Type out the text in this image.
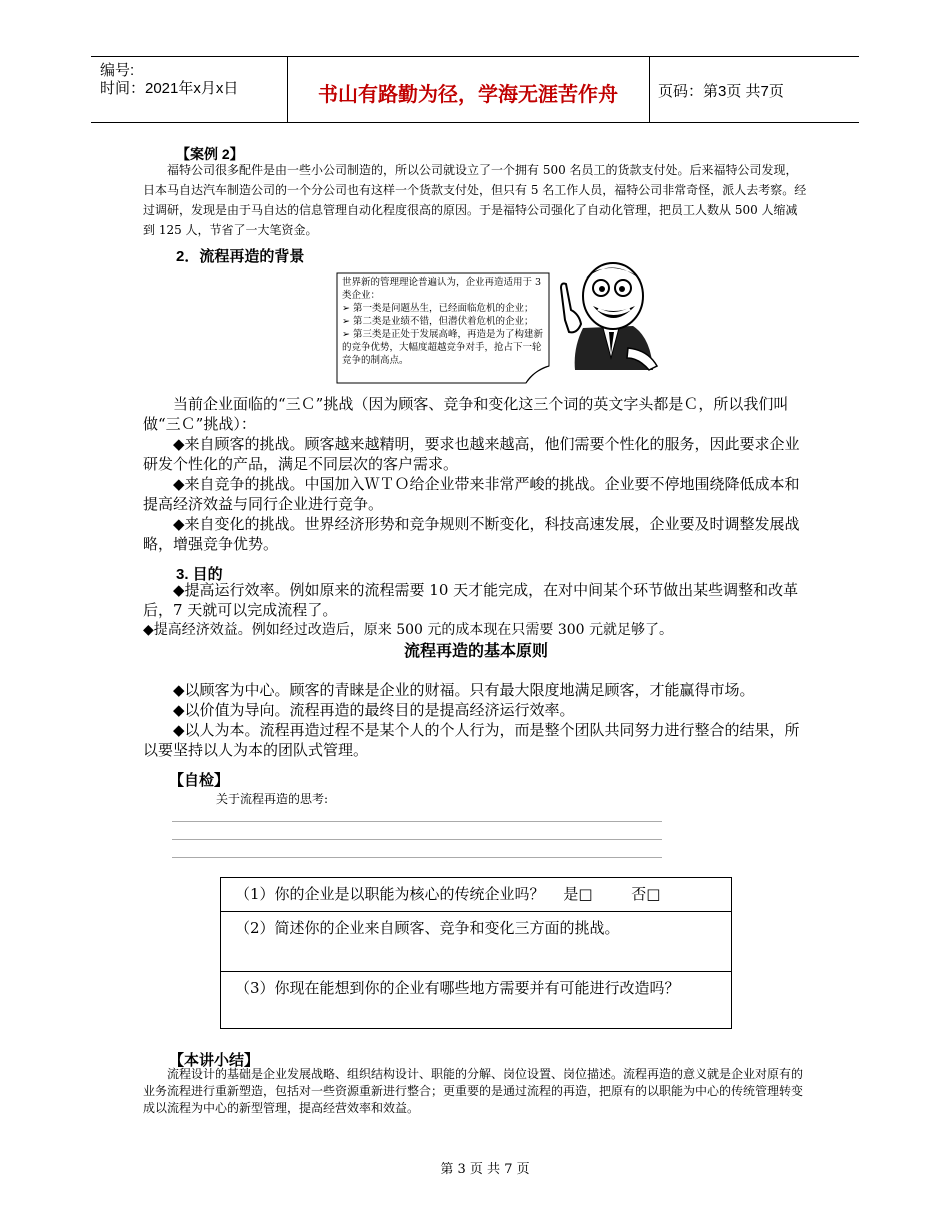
编号:
时间：2021年x月x日	书山有路勤为径，学海无涯苦作舟	页码：第3页 共7页
【案例 2】
福特公司很多配件是由一些小公司制造的，所以公司就设立了一个拥有 500 名员工的货款支付处。后来福特公司发现，日本马自达汽车制造公司的一个分公司也有这样一个货款支付处，但只有 5 名工作人员，福特公司非常奇怪，派人去考察。经过调研，发现是由于马自达的信息管理自动化程度很高的原因。于是福特公司强化了自动化管理，把员工人数从 500 人缩减到 125 人，节省了一大笔资金。
2．流程再造的背景
世界新的管理理论普遍认为，企业再造适用于 3 类企业：
➢ 第一类是问题丛生，已经面临危机的企业；
➢ 第二类是业绩不错，但潜伏着危机的企业；
➢ 第三类是正处于发展高峰，再造是为了构建新的竞争优势，大幅度超越竞争对手，抢占下一轮竞争的制高点。
当前企业面临的“三Ｃ”挑战（因为顾客、竞争和变化这三个词的英文字头都是Ｃ，所以我们叫做“三Ｃ”挑战）：
◆来自顾客的挑战。顾客越来越精明，要求也越来越高，他们需要个性化的服务，因此要求企业研发个性化的产品，满足不同层次的客户需求。
◆来自竞争的挑战。中国加入ＷＴＯ给企业带来非常严峻的挑战。企业要不停地围绕降低成本和提高经济效益与同行企业进行竞争。
◆来自变化的挑战。世界经济形势和竞争规则不断变化，科技高速发展，企业要及时调整发展战略，增强竞争优势。
3. 目的
◆提高运行效率。例如原来的流程需要 10 天才能完成，在对中间某个环节做出某些调整和改革后，7 天就可以完成流程了。
◆提高经济效益。例如经过改造后，原来 500 元的成本现在只需要 300 元就足够了。
流程再造的基本原则
◆以顾客为中心。顾客的青睐是企业的财福。只有最大限度地满足顾客，才能赢得市场。
◆以价值为导向。流程再造的最终目的是提高经济运行效率。
◆以人为本。流程再造过程不是某个人的个人行为，而是整个团队共同努力进行整合的结果，所以要坚持以人为本的团队式管理。
【自检】
关于流程再造的思考:
（1）你的企业是以职能为核心的传统企业吗？ 是□	否□
（2）简述你的企业来自顾客、竞争和变化三方面的挑战。
（3）你现在能想到你的企业有哪些地方需要并有可能进行改造吗？
【本讲小结】
流程设计的基础是企业发展战略、组织结构设计、职能的分解、岗位设置、岗位描述。流程再造的意义就是企业对原有的业务流程进行重新塑造，包括对一些资源重新进行整合；更重要的是通过流程的再造，把原有的以职能为中心的传统管理转变成以流程为中心的新型管理，提高经营效率和效益。
第 3 页 共 7 页
